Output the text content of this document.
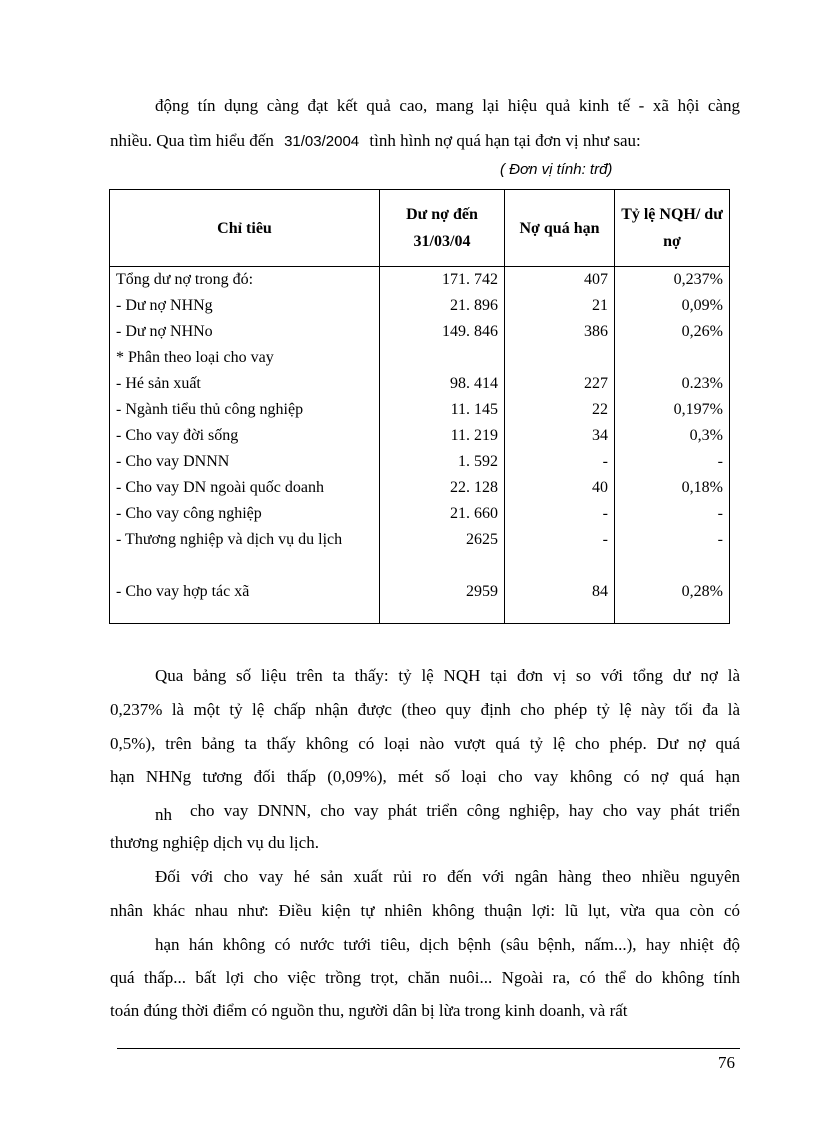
động tín dụng càng đạt kết quả cao, mang lại hiệu quả kinh tế - xã hội càng
nhiều. Qua tìm hiểu đến 31/03/2004 tình hình nợ quá hạn tại đơn vị như sau:
( Đơn vị tính: trđ)
Chỉ tiêu	Dư nợ đến 31/03/04	Nợ quá hạn	Tỷ lệ NQH/ dư nợ
Tổng dư nợ trong đó:	171. 742	407	0,237%
- Dư nợ NHNg	21. 896	21	0,09%
- Dư nợ NHNo	149. 846	386	0,26%
* Phân theo loại cho vay			
- Hé sản xuất	98. 414	227	0.23%
- Ngành tiểu thủ công nghiệp	11. 145	22	0,197%
- Cho vay đời sống	11. 219	34	0,3%
- Cho vay DNNN	1. 592	-	-
- Cho vay DN ngoài quốc doanh	22. 128	40	0,18%
- Cho vay công nghiệp	21. 660	-	-
- Thương nghiệp và dịch vụ du lịch	2625	-	-
- Cho vay hợp tác xã	2959	84	0,28%
Qua bảng số liệu trên ta thấy: tỷ lệ NQH tại đơn vị so với tổng dư nợ là
0,237% là một tỷ lệ chấp nhận được (theo quy định cho phép tỷ lệ này tối đa là
0,5%), trên bảng ta thấy không có loại nào vượt quá tỷ lệ cho phép. Dư nợ quá
hạn NHNg tương đối thấp (0,09%), mét số loại cho vay không có nợ quá hạn
nh cho vay DNNN, cho vay phát triển công nghiệp, hay cho vay phát triển
thương nghiệp dịch vụ du lịch.
Đối với cho vay hé sản xuất rủi ro đến với ngân hàng theo nhiều nguyên
nhân khác nhau như: Điều kiện tự nhiên không thuận lợi: lũ lụt, vừa qua còn có
hạn hán không có nước tưới tiêu, dịch bệnh (sâu bệnh, nấm...), hay nhiệt độ
quá thấp... bất lợi cho việc trồng trọt, chăn nuôi... Ngoài ra, có thể do không tính
toán đúng thời điểm có nguồn thu, người dân bị lừa trong kinh doanh, và rất
76
